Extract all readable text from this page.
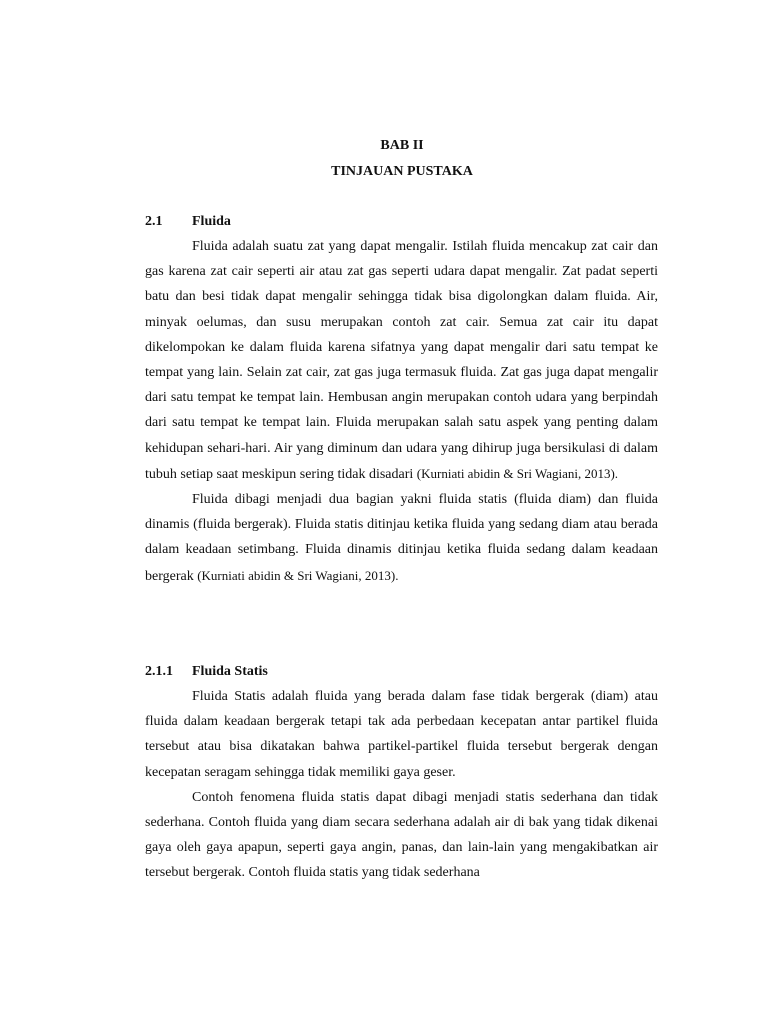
BAB II
TINJAUAN PUSTAKA
2.1 Fluida

Fluida adalah suatu zat yang dapat mengalir. Istilah fluida mencakup zat cair dan gas karena zat cair seperti air atau zat gas seperti udara dapat mengalir. Zat padat seperti batu dan besi tidak dapat mengalir sehingga tidak bisa digolongkan dalam fluida. Air, minyak oelumas, dan susu merupakan contoh zat cair. Semua zat cair itu dapat dikelompokan ke dalam fluida karena sifatnya yang dapat mengalir dari satu tempat ke tempat yang lain. Selain zat cair, zat gas juga termasuk fluida. Zat gas juga dapat mengalir dari satu tempat ke tempat lain. Hembusan angin merupakan contoh udara yang berpindah dari satu tempat ke tempat lain. Fluida merupakan salah satu aspek yang penting dalam kehidupan sehari-hari. Air yang diminum dan udara yang dihirup juga bersikulasi di dalam tubuh setiap saat meskipun sering tidak disadari (Kurniati abidin & Sri Wagiani, 2013).

Fluida dibagi menjadi dua bagian yakni fluida statis (fluida diam) dan fluida dinamis (fluida bergerak). Fluida statis ditinjau ketika fluida yang sedang diam atau berada dalam keadaan setimbang. Fluida dinamis ditinjau ketika fluida sedang dalam keadaan bergerak (Kurniati abidin & Sri Wagiani, 2013).

2.1.1 Fluida Statis

Fluida Statis adalah fluida yang berada dalam fase tidak bergerak (diam) atau fluida dalam keadaan bergerak tetapi tak ada perbedaan kecepatan antar partikel fluida tersebut atau bisa dikatakan bahwa partikel-partikel fluida tersebut bergerak dengan kecepatan seragam sehingga tidak memiliki gaya geser.

Contoh fenomena fluida statis dapat dibagi menjadi statis sederhana dan tidak sederhana. Contoh fluida yang diam secara sederhana adalah air di bak yang tidak dikenai gaya oleh gaya apapun, seperti gaya angin, panas, dan lain-lain yang mengakibatkan air tersebut bergerak. Contoh fluida statis yang tidak sederhana
